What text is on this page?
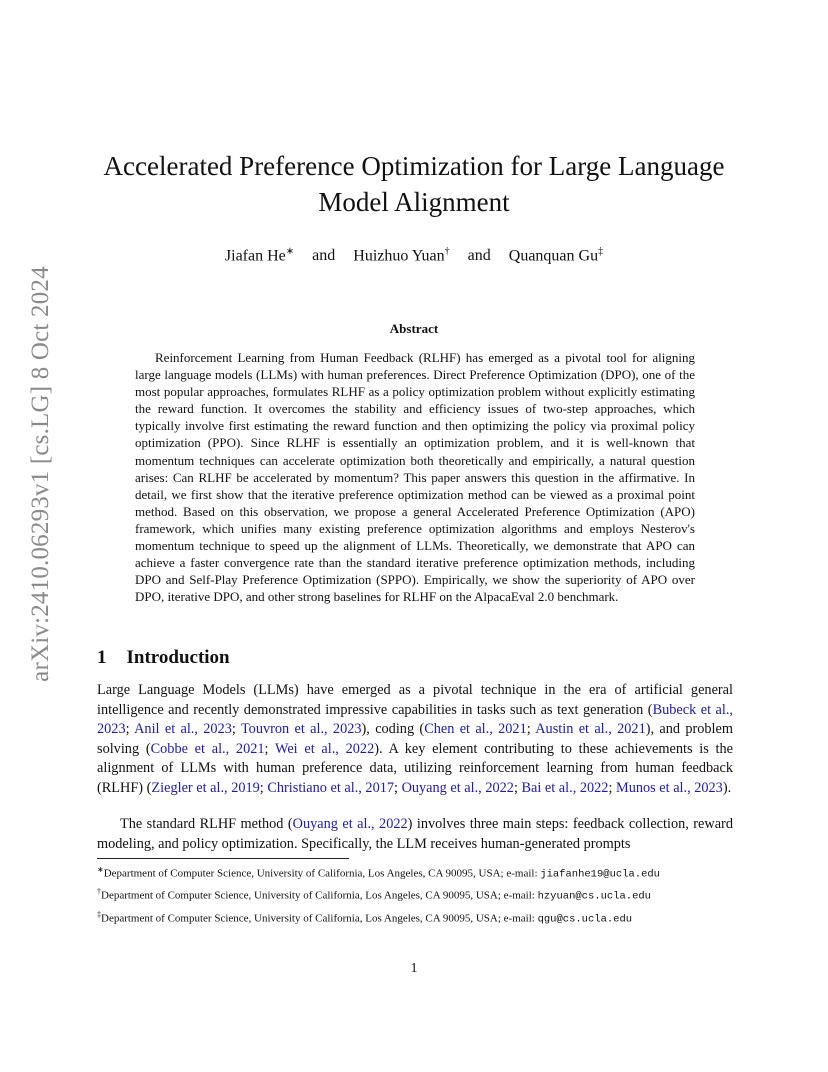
arXiv:2410.06293v1 [cs.LG] 8 Oct 2024
Accelerated Preference Optimization for Large Language
Model Alignment
Jiafan He∗ and Huizhuo Yuan† and Quanquan Gu‡
Abstract

Reinforcement Learning from Human Feedback (RLHF) has emerged as a pivotal tool for aligning large language models (LLMs) with human preferences. Direct Preference Optimization (DPO), one of the most popular approaches, formulates RLHF as a policy optimization problem without explicitly estimating the reward function. It overcomes the stability and efficiency issues of two-step approaches, which typically involve first estimating the reward function and then optimizing the policy via proximal policy optimization (PPO). Since RLHF is essentially an optimization problem, and it is well-known that momentum techniques can accelerate optimization both theoretically and empirically, a natural question arises: Can RLHF be accelerated by momentum? This paper answers this question in the affirmative. In detail, we first show that the iterative preference optimization method can be viewed as a proximal point method. Based on this observation, we propose a general Accelerated Preference Optimization (APO) framework, which unifies many existing preference optimization algorithms and employs Nesterov's momentum technique to speed up the alignment of LLMs. Theoretically, we demonstrate that APO can achieve a faster convergence rate than the standard iterative preference optimization methods, including DPO and Self-Play Preference Optimization (SPPO). Empirically, we show the superiority of APO over DPO, iterative DPO, and other strong baselines for RLHF on the AlpacaEval 2.0 benchmark.

1 Introduction

Large Language Models (LLMs) have emerged as a pivotal technique in the era of artificial general intelligence and recently demonstrated impressive capabilities in tasks such as text generation (Bubeck et al., 2023; Anil et al., 2023; Touvron et al., 2023), coding (Chen et al., 2021; Austin et al., 2021), and problem solving (Cobbe et al., 2021; Wei et al., 2022). A key element contributing to these achievements is the alignment of LLMs with human preference data, utilizing reinforcement learning from human feedback (RLHF) (Ziegler et al., 2019; Christiano et al., 2017; Ouyang et al., 2022; Bai et al., 2022; Munos et al., 2023).

The standard RLHF method (Ouyang et al., 2022) involves three main steps: feedback collection, reward modeling, and policy optimization. Specifically, the LLM receives human-generated prompts

∗Department of Computer Science, University of California, Los Angeles, CA 90095, USA; e-mail: jiafanhe19@ucla.edu
†Department of Computer Science, University of California, Los Angeles, CA 90095, USA; e-mail: hzyuan@cs.ucla.edu
‡Department of Computer Science, University of California, Los Angeles, CA 90095, USA; e-mail: qgu@cs.ucla.edu
1
